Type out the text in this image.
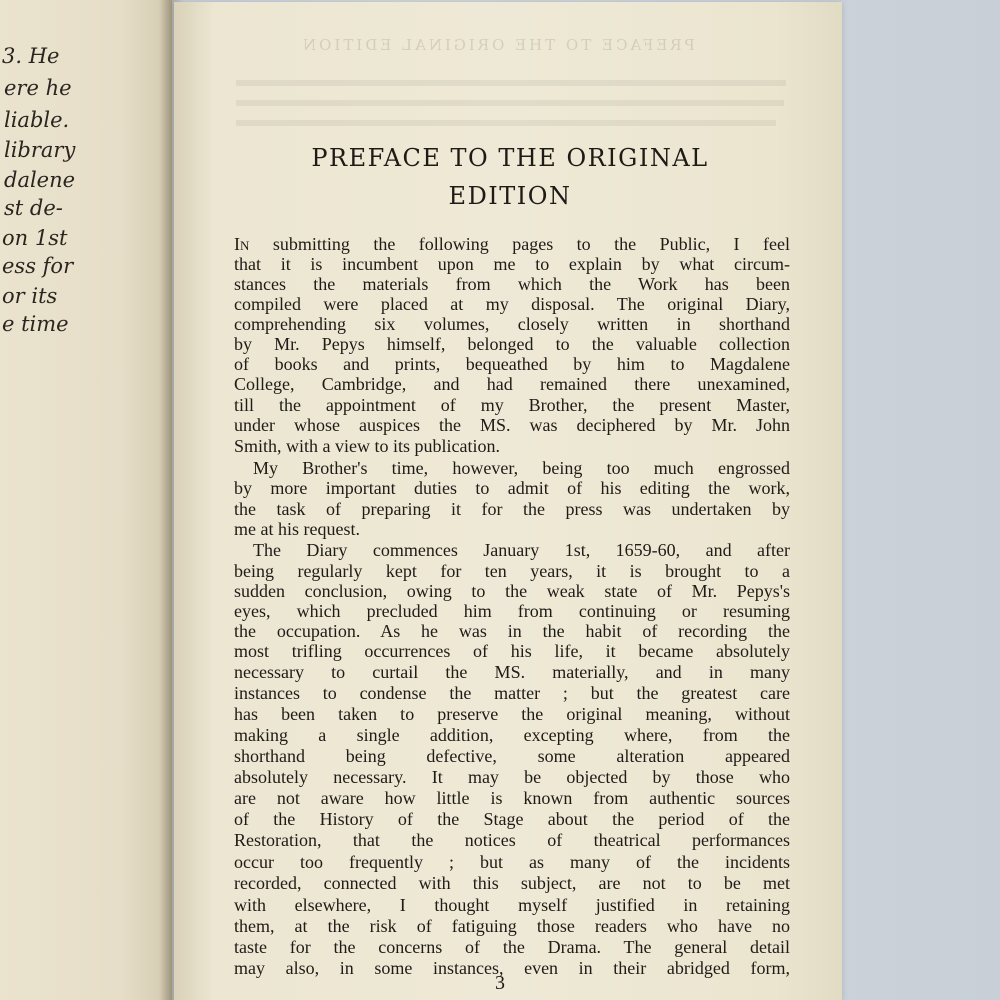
3. He
ere he
liable.
library
dalene
st de-
on 1st
ess for
or its
e time
PREFACE TO THE ORIGINAL EDITION
PREFACE TO THE ORIGINAL
EDITION
In submitting the following pages to the Public, I feel
that it is incumbent upon me to explain by what circum-
stances the materials from which the Work has been
compiled were placed at my disposal. The original Diary,
comprehending six volumes, closely written in shorthand
by Mr. Pepys himself, belonged to the valuable collection
of books and prints, bequeathed by him to Magdalene
College, Cambridge, and had remained there unexamined,
till the appointment of my Brother, the present Master,
under whose auspices the MS. was deciphered by Mr. John
Smith, with a view to its publication.
My Brother's time, however, being too much engrossed
by more important duties to admit of his editing the work,
the task of preparing it for the press was undertaken by
me at his request.
The Diary commences January 1st, 1659-60, and after
being regularly kept for ten years, it is brought to a
sudden conclusion, owing to the weak state of Mr. Pepys's
eyes, which precluded him from continuing or resuming
the occupation. As he was in the habit of recording the
most trifling occurrences of his life, it became absolutely
necessary to curtail the MS. materially, and in many
instances to condense the matter ; but the greatest care
has been taken to preserve the original meaning, without
making a single addition, excepting where, from the
shorthand being defective, some alteration appeared
absolutely necessary. It may be objected by those who
are not aware how little is known from authentic sources
of the History of the Stage about the period of the
Restoration, that the notices of theatrical performances
occur too frequently ; but as many of the incidents
recorded, connected with this subject, are not to be met
with elsewhere, I thought myself justified in retaining
them, at the risk of fatiguing those readers who have no
taste for the concerns of the Drama. The general detail
may also, in some instances, even in their abridged form,
3
